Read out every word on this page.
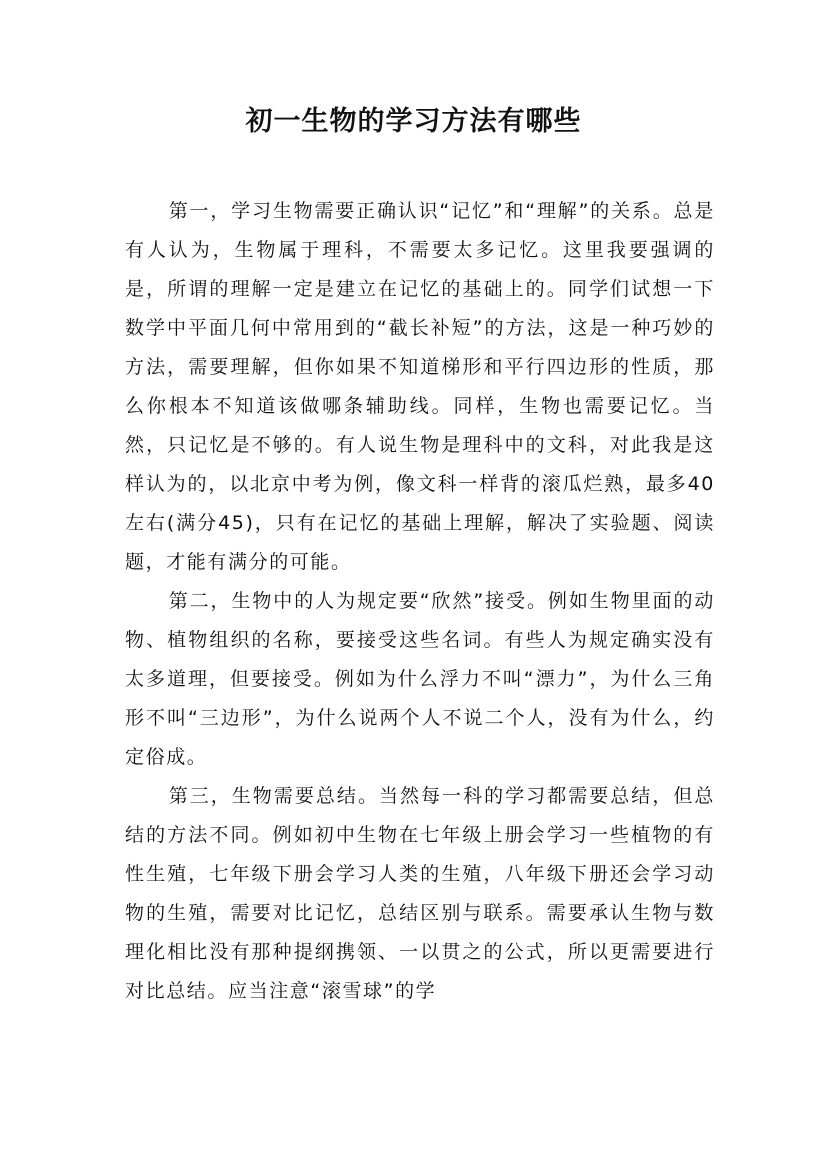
初一生物的学习方法有哪些

第一，学习生物需要正确认识“记忆”和“理解”的关系。总是有人认为，生物属于理科，不需要太多记忆。这里我要强调的是，所谓的理解一定是建立在记忆的基础上的。同学们试想一下数学中平面几何中常用到的“截长补短”的方法，这是一种巧妙的方法，需要理解，但你如果不知道梯形和平行四边形的性质，那么你根本不知道该做哪条辅助线。同样，生物也需要记忆。当然，只记忆是不够的。有人说生物是理科中的文科，对此我是这样认为的，以北京中考为例，像文科一样背的滚瓜烂熟，最多40左右(满分45)，只有在记忆的基础上理解，解决了实验题、阅读题，才能有满分的可能。

第二，生物中的人为规定要“欣然”接受。例如生物里面的动物、植物组织的名称，要接受这些名词。有些人为规定确实没有太多道理，但要接受。例如为什么浮力不叫“漂力”，为什么三角形不叫“三边形”，为什么说两个人不说二个人，没有为什么，约定俗成。

第三，生物需要总结。当然每一科的学习都需要总结，但总结的方法不同。例如初中生物在七年级上册会学习一些植物的有性生殖，七年级下册会学习人类的生殖，八年级下册还会学习动物的生殖，需要对比记忆，总结区别与联系。需要承认生物与数理化相比没有那种提纲携领、一以贯之的公式，所以更需要进行对比总结。应当注意“滚雪球”的学
